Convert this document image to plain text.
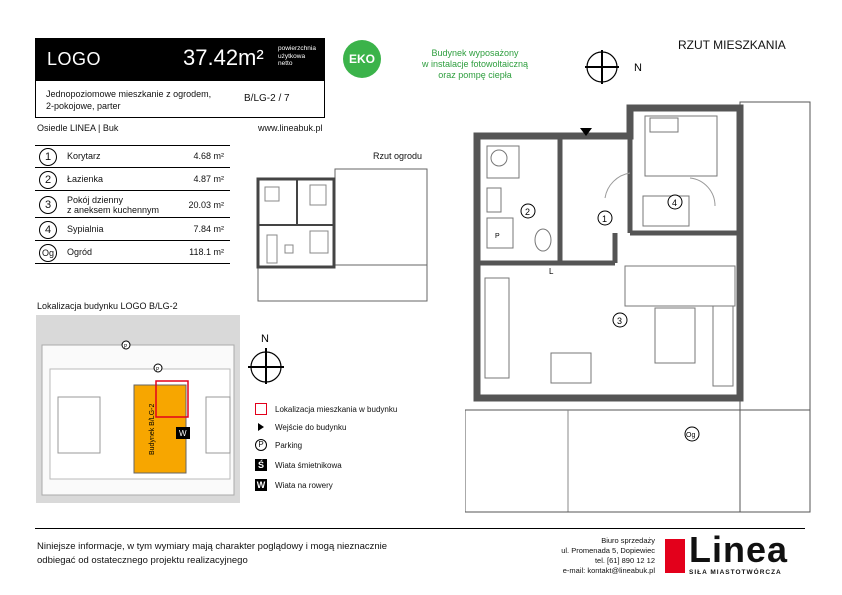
LOGO	37.42m² powierzchnia
użytkowa
netto
Jednopoziomowe mieszkanie z ogrodem,
2-pokojowe, parter
B/LG-2 / 7
Osiedle LINEA | Buk	www.lineabuk.pl
1	Korytarz	4.68 m²
2	Łazienka	4.87 m²
3	Pokój dzienny
z aneksem kuchennym	20.03 m²
4	Sypialnia	7.84 m²
Og	Ogród	118.1 m²
EKO	Budynek wyposażony
w instalacje fotowoltaiczną
oraz pompę ciepła
N
RZUT MIESZKANIA
Rzut ogrodu
1
2
3
4
Og
L
P
Lokalizacja budynku LOGO B/LG-2
Budynek B/LG-2	W
P
P
N
Lokalizacja mieszkania w budynku
Wejście do budynku
P	Parking
Ś	Wiata śmietnikowa
W Wiata na rowery
Niniejsze informacje, w tym wymiary mają charakter poglądowy i mogą nieznacznie
odbiegać od ostatecznego projektu realizacyjnego
Biuro sprzedaży
ul. Promenada 5, Dopiewiec
tel. [61] 890 12 12
e-mail: kontakt@lineabuk.pl
Linea
SIŁA MIASTOTWÓRCZA
